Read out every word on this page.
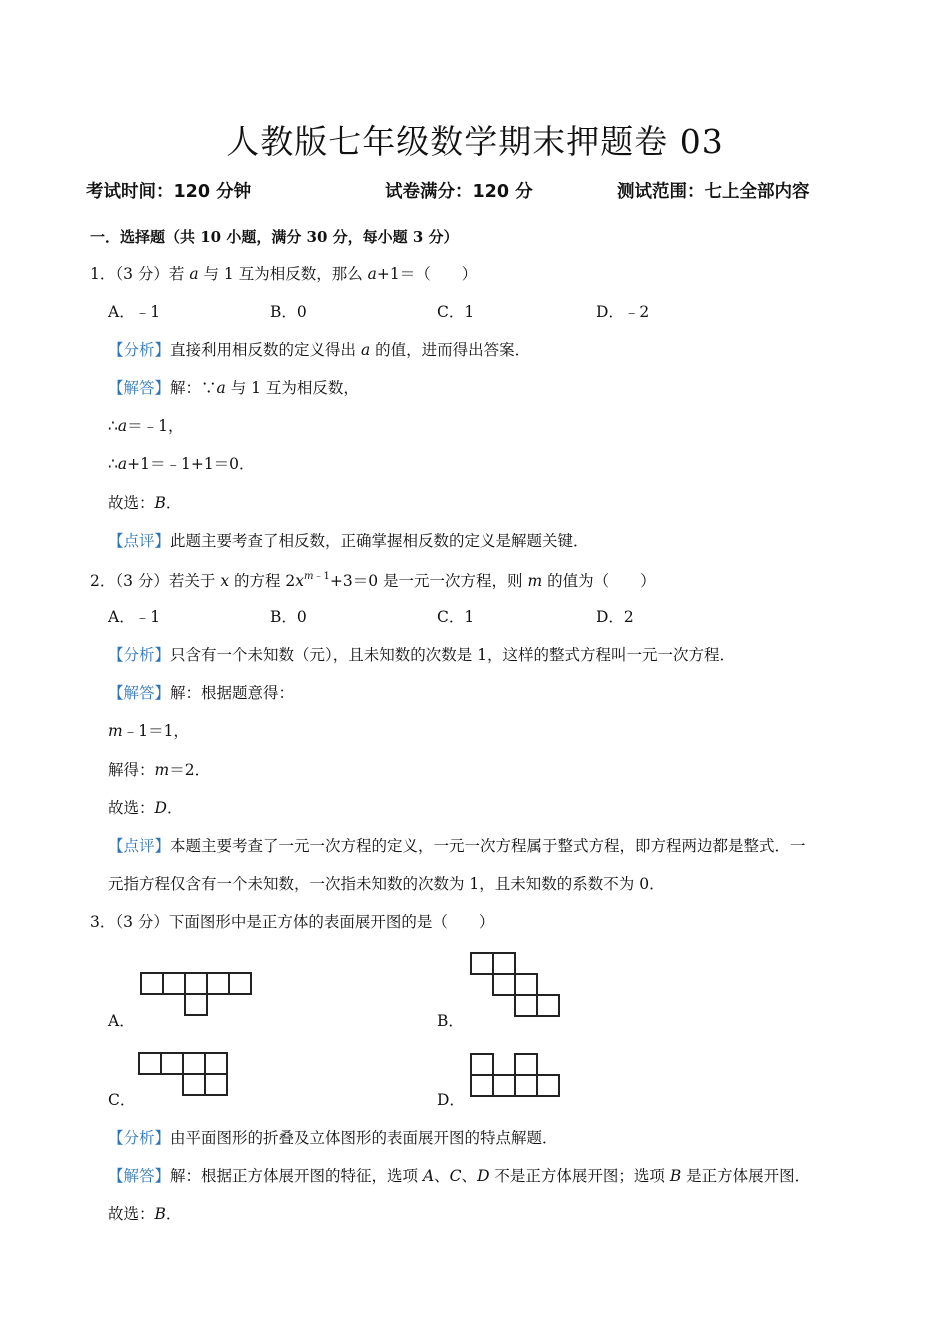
人教版七年级数学期末押题卷 03
考试时间：120 分钟	试卷满分：120 分	测试范围：七上全部内容
一．选择题（共 10 小题，满分 30 分，每小题 3 分）
1．（3 分）若 a 与 1 互为相反数，那么 a+1＝（　　）
A．﹣1	B．0	C．1	D．﹣2
【分析】直接利用相反数的定义得出 a 的值，进而得出答案．
【解答】解：∵a 与 1 互为相反数，
∴a＝﹣1，
∴a+1＝﹣1+1＝0．
故选：B．
【点评】此题主要考查了相反数，正确掌握相反数的定义是解题关键．
2．（3 分）若关于 x 的方程 $2x^{m﹣1}+3=0$ 是一元一次方程，则 m 的值为（　　）
A．﹣1	B．0	C．1	D．2
【分析】只含有一个未知数（元），且未知数的次数是 1，这样的整式方程叫一元一次方程．
【解答】解：根据题意得：
m﹣1＝1，
解得：m＝2．
故选：D．
【点评】本题主要考查了一元一次方程的定义，一元一次方程属于整式方程，即方程两边都是整式．一
元指方程仅含有一个未知数，一次指未知数的次数为 1，且未知数的系数不为 0．
3．（3 分）下面图形中是正方体的表面展开图的是（　　）
A．	B．
C．	D．
【分析】由平面图形的折叠及立体图形的表面展开图的特点解题．
【解答】解：根据正方体展开图的特征，选项 A、C、D 不是正方体展开图；选项 B 是正方体展开图．
故选：B．
